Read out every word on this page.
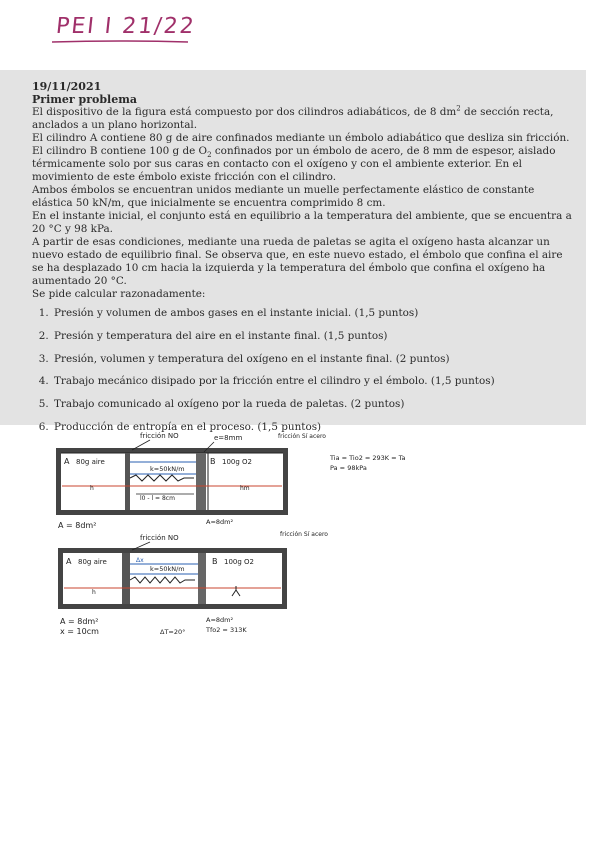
PEI I 21/22
19/11/2021
Primer problema

El dispositivo de la figura está compuesto por dos cilindros adiabáticos, de 8 $dm^2$ de sección recta, anclados a un plano horizontal.

El cilindro A contiene 80 g de aire confinados mediante un émbolo adiabático que desliza sin fricción. El cilindro B contiene 100 g de $O_2$ confinados por un émbolo de acero, de 8 mm de espesor, aislado térmicamente solo por sus caras en contacto con el oxígeno y con el ambiente exterior. En el movimiento de este émbolo existe fricción con el cilindro.

Ambos émbolos se encuentran unidos mediante un muelle perfectamente elástico de constante elástica 50 kN/m, que inicialmente se encuentra comprimido 8 cm.

En el instante inicial, el conjunto está en equilibrio a la temperatura del ambiente, que se encuentra a 20 °C y 98 kPa.

A partir de esas condiciones, mediante una rueda de paletas se agita el oxígeno hasta alcanzar un nuevo estado de equilibrio final. Se observa que, en este nuevo estado, el émbolo que confina el aire se ha desplazado 10 cm hacia la izquierda y la temperatura del émbolo que confina el oxígeno ha aumentado 20 °C.

Se pide calcular razonadamente:

1. Presión y volumen de ambos gases en el instante inicial. (1,5 puntos)
2. Presión y temperatura del aire en el instante final. (1,5 puntos)
3. Presión, volumen y temperatura del oxígeno en el instante final. (2 puntos)
4. Trabajo mecánico disipado por la fricción entre el cilindro y el émbolo. (1,5 puntos)
5. Trabajo comunicado al oxígeno por la rueda de paletas. (2 puntos)
6. Producción de entropía en el proceso. (1,5 puntos)
fricción NO	e=8mm	fricción Sí acero
A 80g aire	B 100g O2
k=50kN/m
l0 - l = 8cm
h	hm
A = 8dm²	A=8dm²
Tia = Tio2 = 293K = Ta
Pa = 98kPa
fricción NO	fricción Sí acero
A 80g aire	B 100g O2
Δx
k=50kN/m
h
A = 8dm²
x = 10cm
A=8dm²
ΔT=20°	Tfo2 = 313K
